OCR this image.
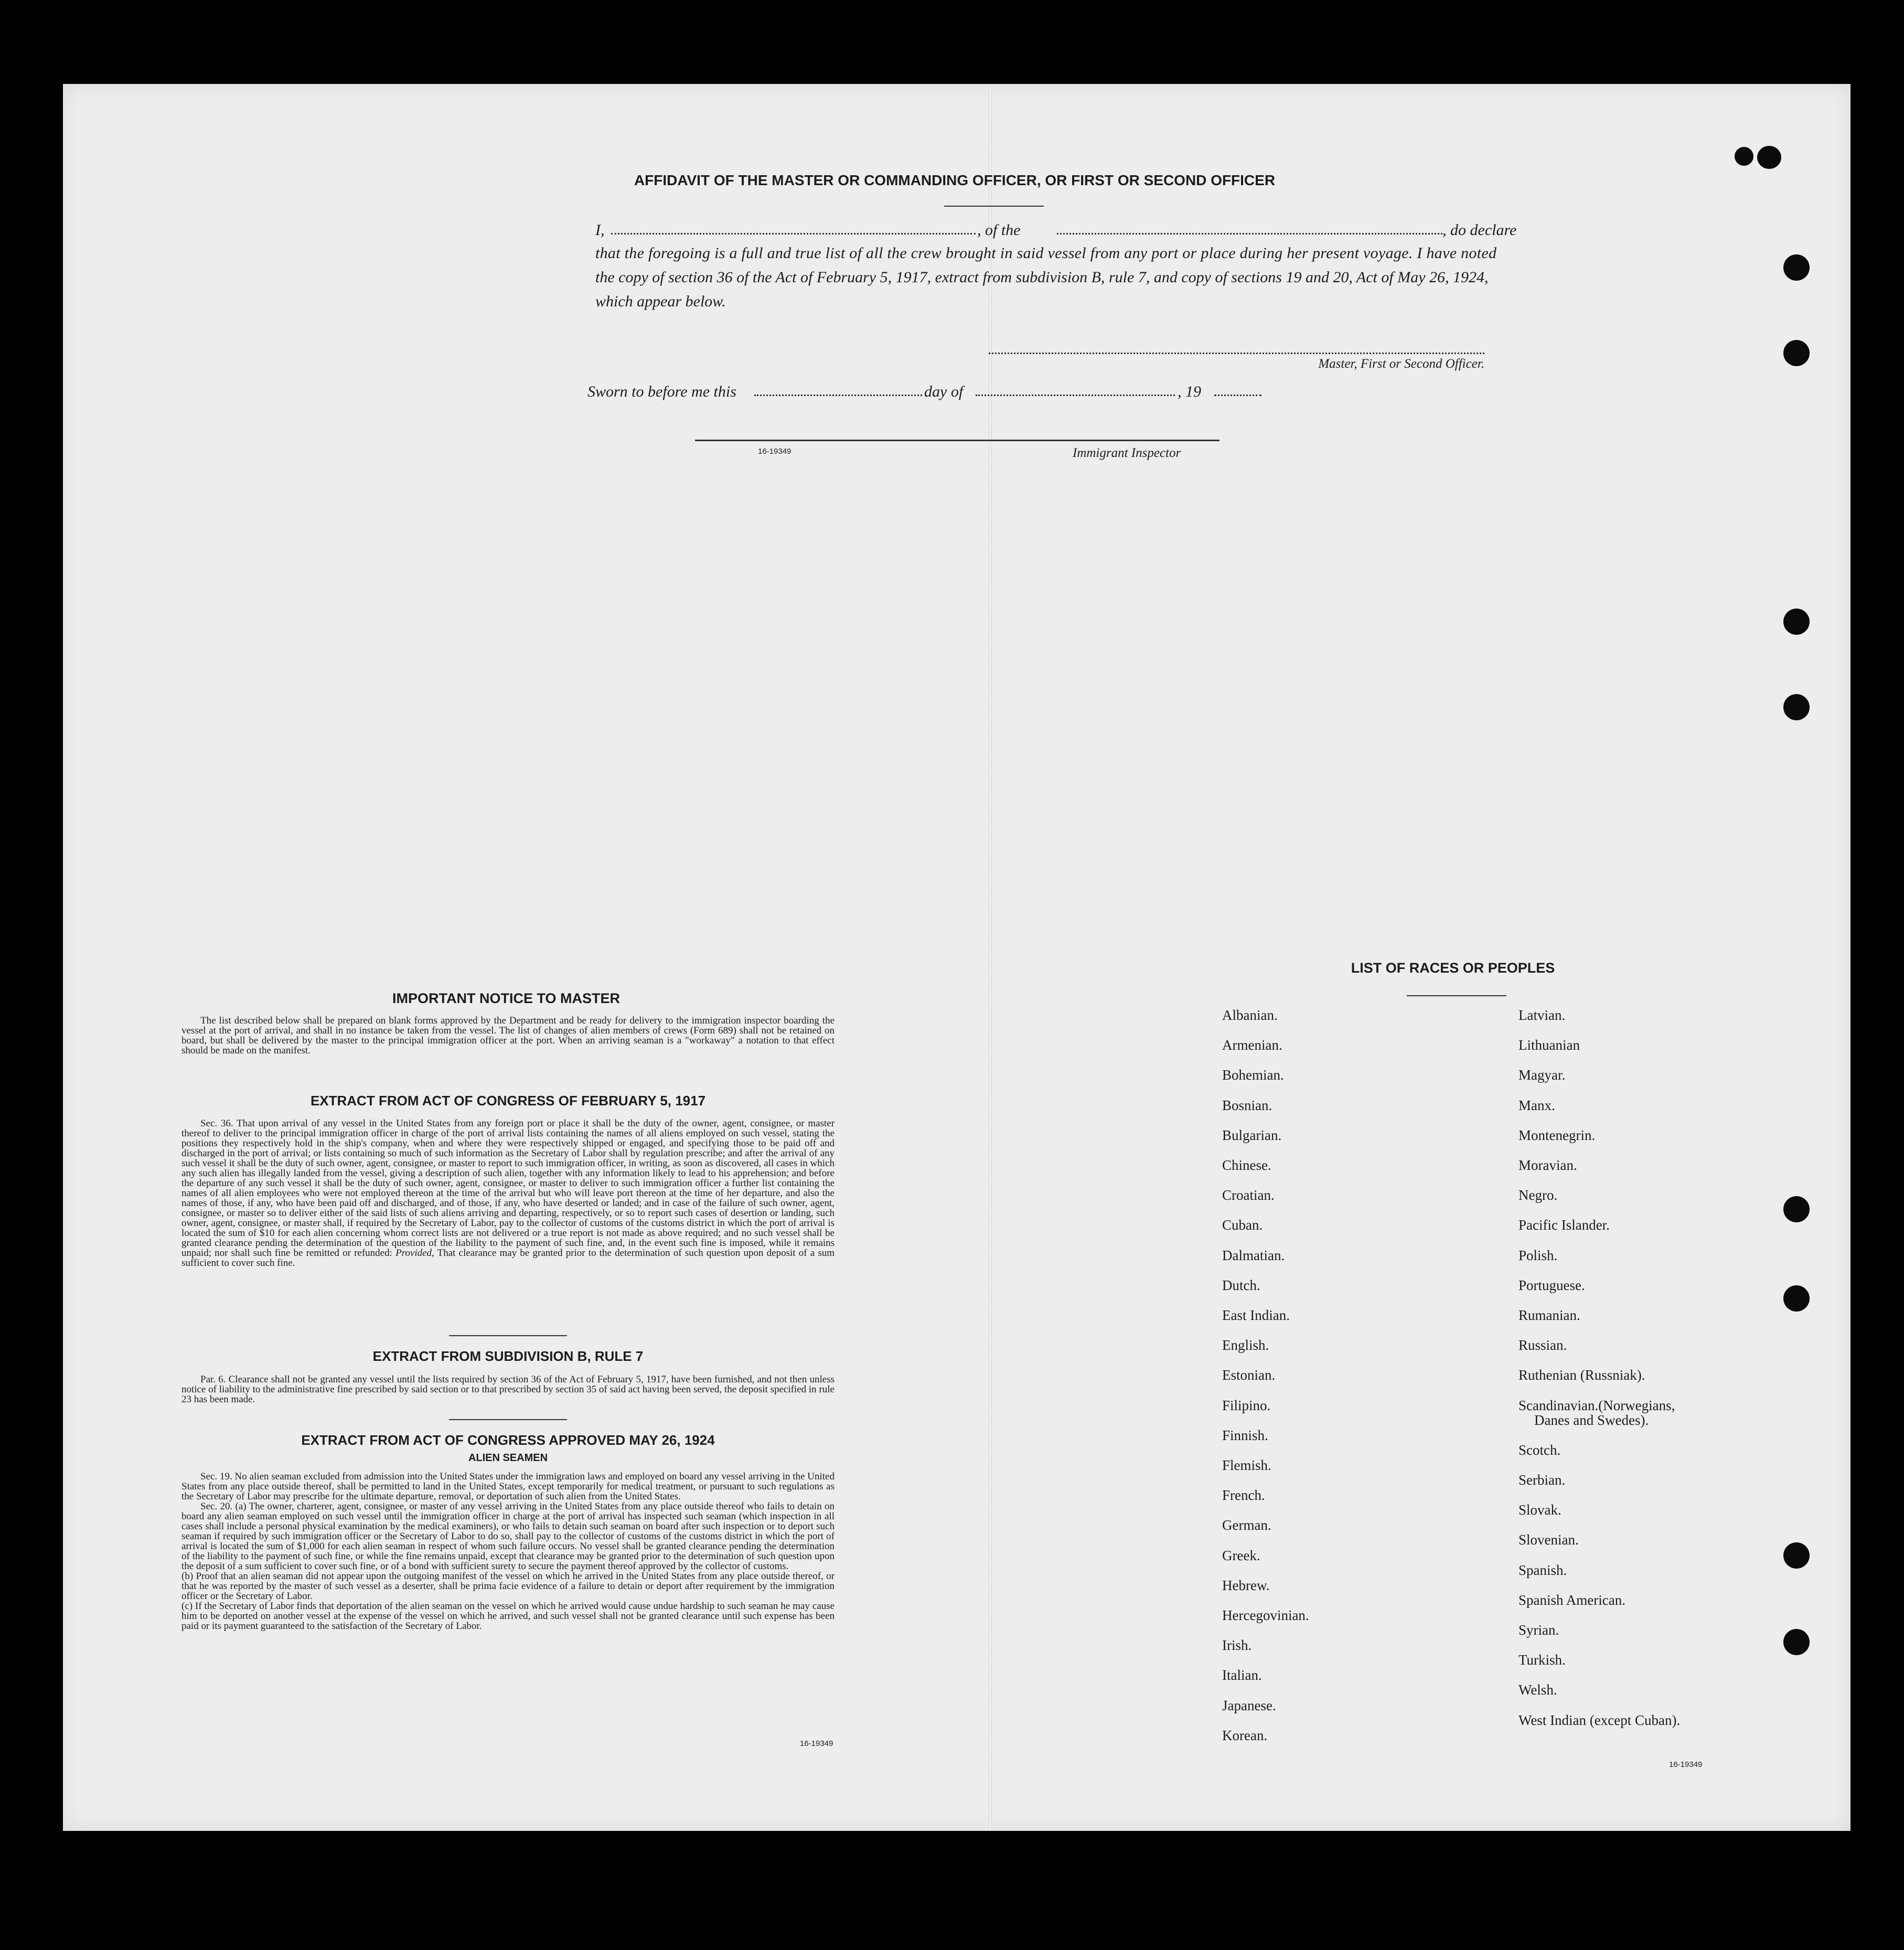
AFFIDAVIT OF THE MASTER OR COMMANDING OFFICER, OR FIRST OR SECOND OFFICER
I,	, of the	, do declare
that the foregoing is a full and true list of all the crew brought in said vessel from any port or place during her present voyage. I have noted
the copy of section 36 of the Act of February 5, 1917, extract from subdivision B, rule 7, and copy of sections 19 and 20, Act of May 26, 1924,
which appear below.
Master, First or Second Officer.
Sworn to before me this	day of	, 19
16-19349	Immigrant Inspector
IMPORTANT NOTICE TO MASTER

The list described below shall be prepared on blank forms approved by the Department and be ready for delivery to the immigration inspector boarding the vessel at the port of arrival, and shall in no instance be taken from the vessel. The list of changes of alien members of crews (Form 689) shall not be retained on board, but shall be delivered by the master to the principal immigration officer at the port. When an arriving seaman is a "workaway" a notation to that effect should be made on the manifest.

EXTRACT FROM ACT OF CONGRESS OF FEBRUARY 5, 1917

Sec. 36. That upon arrival of any vessel in the United States from any foreign port or place it shall be the duty of the owner, agent, consignee, or master thereof to deliver to the principal immigration officer in charge of the port of arrival lists containing the names of all aliens employed on such vessel, stating the positions they respectively hold in the ship's company, when and where they were respectively shipped or engaged, and specifying those to be paid off and discharged in the port of arrival; or lists containing so much of such information as the Secretary of Labor shall by regulation prescribe; and after the arrival of any such vessel it shall be the duty of such owner, agent, consignee, or master to report to such immigration officer, in writing, as soon as discovered, all cases in which any such alien has illegally landed from the vessel, giving a description of such alien, together with any information likely to lead to his apprehension; and before the departure of any such vessel it shall be the duty of such owner, agent, consignee, or master to deliver to such immigration officer a further list containing the names of all alien employees who were not employed thereon at the time of the arrival but who will leave port thereon at the time of her departure, and also the names of those, if any, who have been paid off and discharged, and of those, if any, who have deserted or landed; and in case of the failure of such owner, agent, consignee, or master so to deliver either of the said lists of such aliens arriving and departing, respectively, or so to report such cases of desertion or landing, such owner, agent, consignee, or master shall, if required by the Secretary of Labor, pay to the collector of customs of the customs district in which the port of arrival is located the sum of $10 for each alien concerning whom correct lists are not delivered or a true report is not made as above required; and no such vessel shall be granted clearance pending the determination of the question of the liability to the payment of such fine, and, in the event such fine is imposed, while it remains unpaid; nor shall such fine be remitted or refunded: Provided, That clearance may be granted prior to the determination of such question upon deposit of a sum sufficient to cover such fine.

EXTRACT FROM SUBDIVISION B, RULE 7

Par. 6. Clearance shall not be granted any vessel until the lists required by section 36 of the Act of February 5, 1917, have been furnished, and not then unless notice of liability to the administrative fine prescribed by said section or to that prescribed by section 35 of said act having been served, the deposit specified in rule 23 has been made.

EXTRACT FROM ACT OF CONGRESS APPROVED MAY 26, 1924
ALIEN SEAMEN

Sec. 19. No alien seaman excluded from admission into the United States under the immigration laws and employed on board any vessel arriving in the United States from any place outside thereof, shall be permitted to land in the United States, except temporarily for medical treatment, or pursuant to such regulations as the Secretary of Labor may prescribe for the ultimate departure, removal, or deportation of such alien from the United States.

Sec. 20. (a) The owner, charterer, agent, consignee, or master of any vessel arriving in the United States from any place outside thereof who fails to detain on board any alien seaman employed on such vessel until the immigration officer in charge at the port of arrival has inspected such seaman (which inspection in all cases shall include a personal physical examination by the medical examiners), or who fails to detain such seaman on board after such inspection or to deport such seaman if required by such immigration officer or the Secretary of Labor to do so, shall pay to the collector of customs of the customs district in which the port of arrival is located the sum of $1,000 for each alien seaman in respect of whom such failure occurs. No vessel shall be granted clearance pending the determination of the liability to the payment of such fine, or while the fine remains unpaid, except that clearance may be granted prior to the determination of such question upon the deposit of a sum sufficient to cover such fine, or of a bond with sufficient surety to secure the payment thereof approved by the collector of customs.

(b) Proof that an alien seaman did not appear upon the outgoing manifest of the vessel on which he arrived in the United States from any place outside thereof, or that he was reported by the master of such vessel as a deserter, shall be prima facie evidence of a failure to detain or deport after requirement by the immigration officer or the Secretary of Labor.

(c) If the Secretary of Labor finds that deportation of the alien seaman on the vessel on which he arrived would cause undue hardship to such seaman he may cause him to be deported on another vessel at the expense of the vessel on which he arrived, and such vessel shall not be granted clearance until such expense has been paid or its payment guaranteed to the satisfaction of the Secretary of Labor.

16-19349
LIST OF RACES OR PEOPLES
16-19349
Albanian.
Armenian.
Bohemian.
Bosnian.
Bulgarian.
Chinese.
Croatian.
Cuban.
Dalmatian.
Dutch.
East Indian.
English.
Estonian.
Filipino.
Finnish.
Flemish.
French.
German.
Greek.
Hebrew.
Hercegovinian.
Irish.
Italian.
Japanese.
Korean.
Latvian.
Lithuanian
Magyar.
Manx.
Montenegrin.
Moravian.
Negro.
Pacific Islander.
Polish.
Portuguese.
Rumanian.
Russian.
Ruthenian (Russniak).
Scandinavian.(Norwegians,
Danes and Swedes).
Scotch.
Serbian.
Slovak.
Slovenian.
Spanish.
Spanish American.
Syrian.
Turkish.
Welsh.
West Indian (except Cuban).
